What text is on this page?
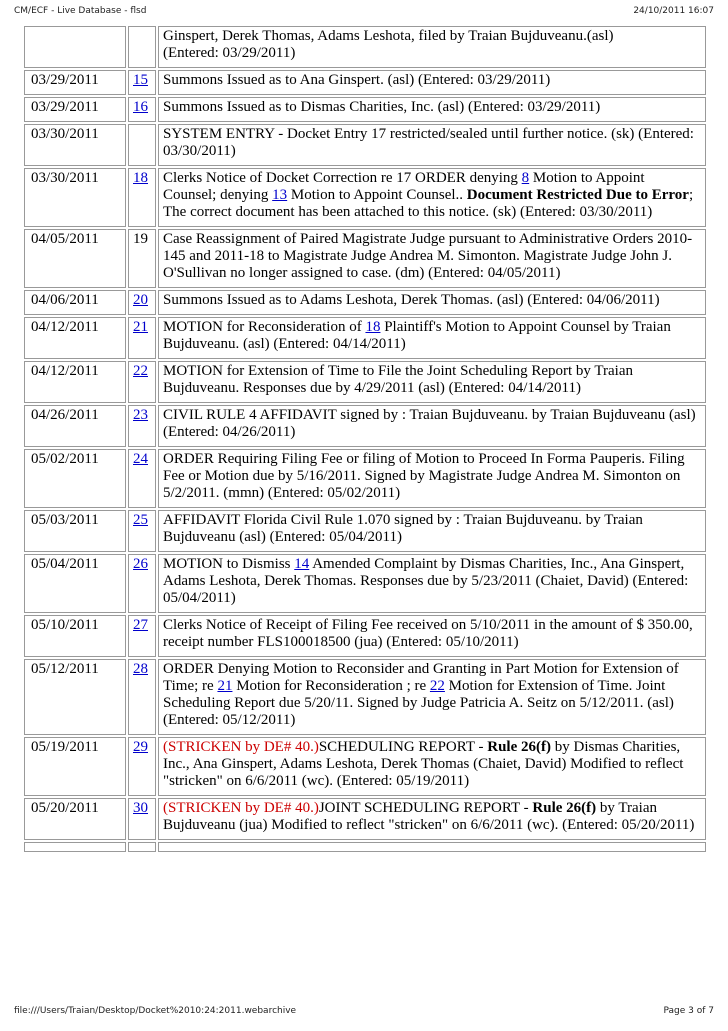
CM/ECF - Live Database - flsd	24/10/2011 16:07
		Ginspert, Derek Thomas, Adams Leshota, filed by Traian Bujduveanu.(asl)
(Entered: 03/29/2011)
03/29/2011	15	Summons Issued as to Ana Ginspert. (asl) (Entered: 03/29/2011)
03/29/2011	16	Summons Issued as to Dismas Charities, Inc. (asl) (Entered: 03/29/2011)
03/30/2011		SYSTEM ENTRY - Docket Entry 17 restricted/sealed until further notice. (sk) (Entered: 03/30/2011)
03/30/2011	18	Clerks Notice of Docket Correction re 17 ORDER denying 8 Motion to Appoint Counsel; denying 13 Motion to Appoint Counsel.. Document Restricted Due to Error; The correct document has been attached to this notice. (sk) (Entered: 03/30/2011)
04/05/2011	19	Case Reassignment of Paired Magistrate Judge pursuant to Administrative Orders 2010-145 and 2011-18 to Magistrate Judge Andrea M. Simonton. Magistrate Judge John J. O'Sullivan no longer assigned to case. (dm) (Entered: 04/05/2011)
04/06/2011	20	Summons Issued as to Adams Leshota, Derek Thomas. (asl) (Entered: 04/06/2011)
04/12/2011	21	MOTION for Reconsideration of 18 Plaintiff's Motion to Appoint Counsel by Traian Bujduveanu. (asl) (Entered: 04/14/2011)
04/12/2011	22	MOTION for Extension of Time to File the Joint Scheduling Report by Traian Bujduveanu. Responses due by 4/29/2011 (asl) (Entered: 04/14/2011)
04/26/2011	23	CIVIL RULE 4 AFFIDAVIT signed by : Traian Bujduveanu. by Traian Bujduveanu (asl) (Entered: 04/26/2011)
05/02/2011	24	ORDER Requiring Filing Fee or filing of Motion to Proceed In Forma Pauperis. Filing Fee or Motion due by 5/16/2011. Signed by Magistrate Judge Andrea M. Simonton on 5/2/2011. (mmn) (Entered: 05/02/2011)
05/03/2011	25	AFFIDAVIT Florida Civil Rule 1.070 signed by : Traian Bujduveanu. by Traian Bujduveanu (asl) (Entered: 05/04/2011)
05/04/2011	26	MOTION to Dismiss 14 Amended Complaint by Dismas Charities, Inc., Ana Ginspert, Adams Leshota, Derek Thomas. Responses due by 5/23/2011 (Chaiet, David) (Entered: 05/04/2011)
05/10/2011	27	Clerks Notice of Receipt of Filing Fee received on 5/10/2011 in the amount of $ 350.00, receipt number FLS100018500 (jua) (Entered: 05/10/2011)
05/12/2011	28	ORDER Denying Motion to Reconsider and Granting in Part Motion for Extension of Time; re 21 Motion for Reconsideration ; re 22 Motion for Extension of Time. Joint Scheduling Report due 5/20/11. Signed by Judge Patricia A. Seitz on 5/12/2011. (asl) (Entered: 05/12/2011)
05/19/2011	29	(STRICKEN by DE# 40.)SCHEDULING REPORT - Rule 26(f) by Dismas Charities, Inc., Ana Ginspert, Adams Leshota, Derek Thomas (Chaiet, David) Modified to reflect "stricken" on 6/6/2011 (wc). (Entered: 05/19/2011)
05/20/2011	30	(STRICKEN by DE# 40.)JOINT SCHEDULING REPORT - Rule 26(f) by Traian Bujduveanu (jua) Modified to reflect "stricken" on 6/6/2011 (wc). (Entered: 05/20/2011)

file:///Users/Traian/Desktop/Docket%2010:24:2011.webarchive	Page 3 of 7
